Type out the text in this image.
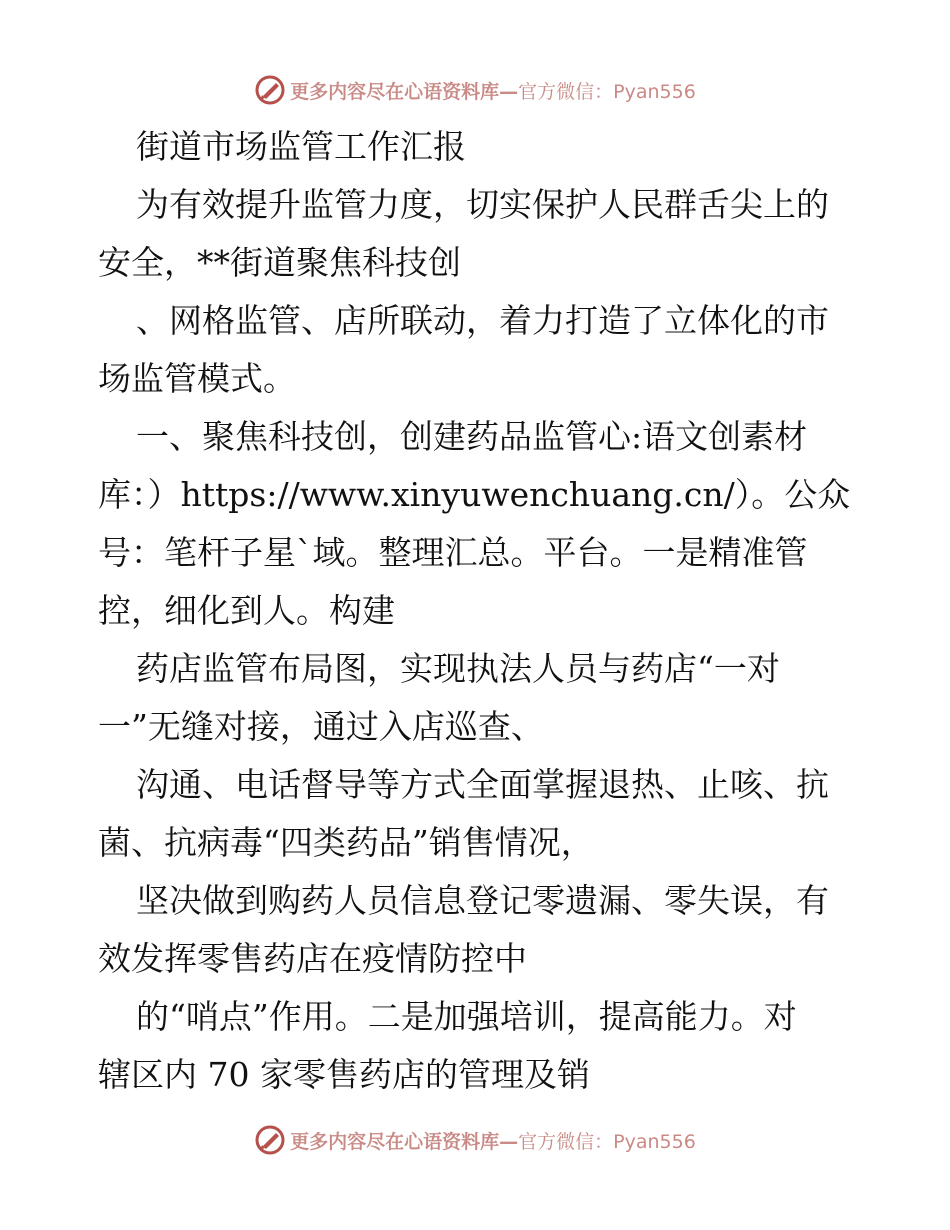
更多内容尽在心语资料库—官方微信：Pyan556
街道市场监管工作汇报
为有效提升监管力度，切实保护人民群舌尖上的
安全，**街道聚焦科技创
、网格监管、店所联动，着力打造了立体化的市
场监管模式。
一、聚焦科技创，创建药品监管心:语文创素材
库：）https://www.xinyuwenchuang.cn/）。公众
号：笔杆子星`域。整理汇总。平台。一是精准管
控，细化到人。构建
药店监管布局图，实现执法人员与药店“一对
一”无缝对接，通过入店巡查、
沟通、电话督导等方式全面掌握退热、止咳、抗
菌、抗病毒“四类药品”销售情况，
坚决做到购药人员信息登记零遗漏、零失误，有
效发挥零售药店在疫情防控中
的“哨点”作用。二是加强培训，提高能力。对
辖区内 70 家零售药店的管理及销
更多内容尽在心语资料库—官方微信：Pyan556
